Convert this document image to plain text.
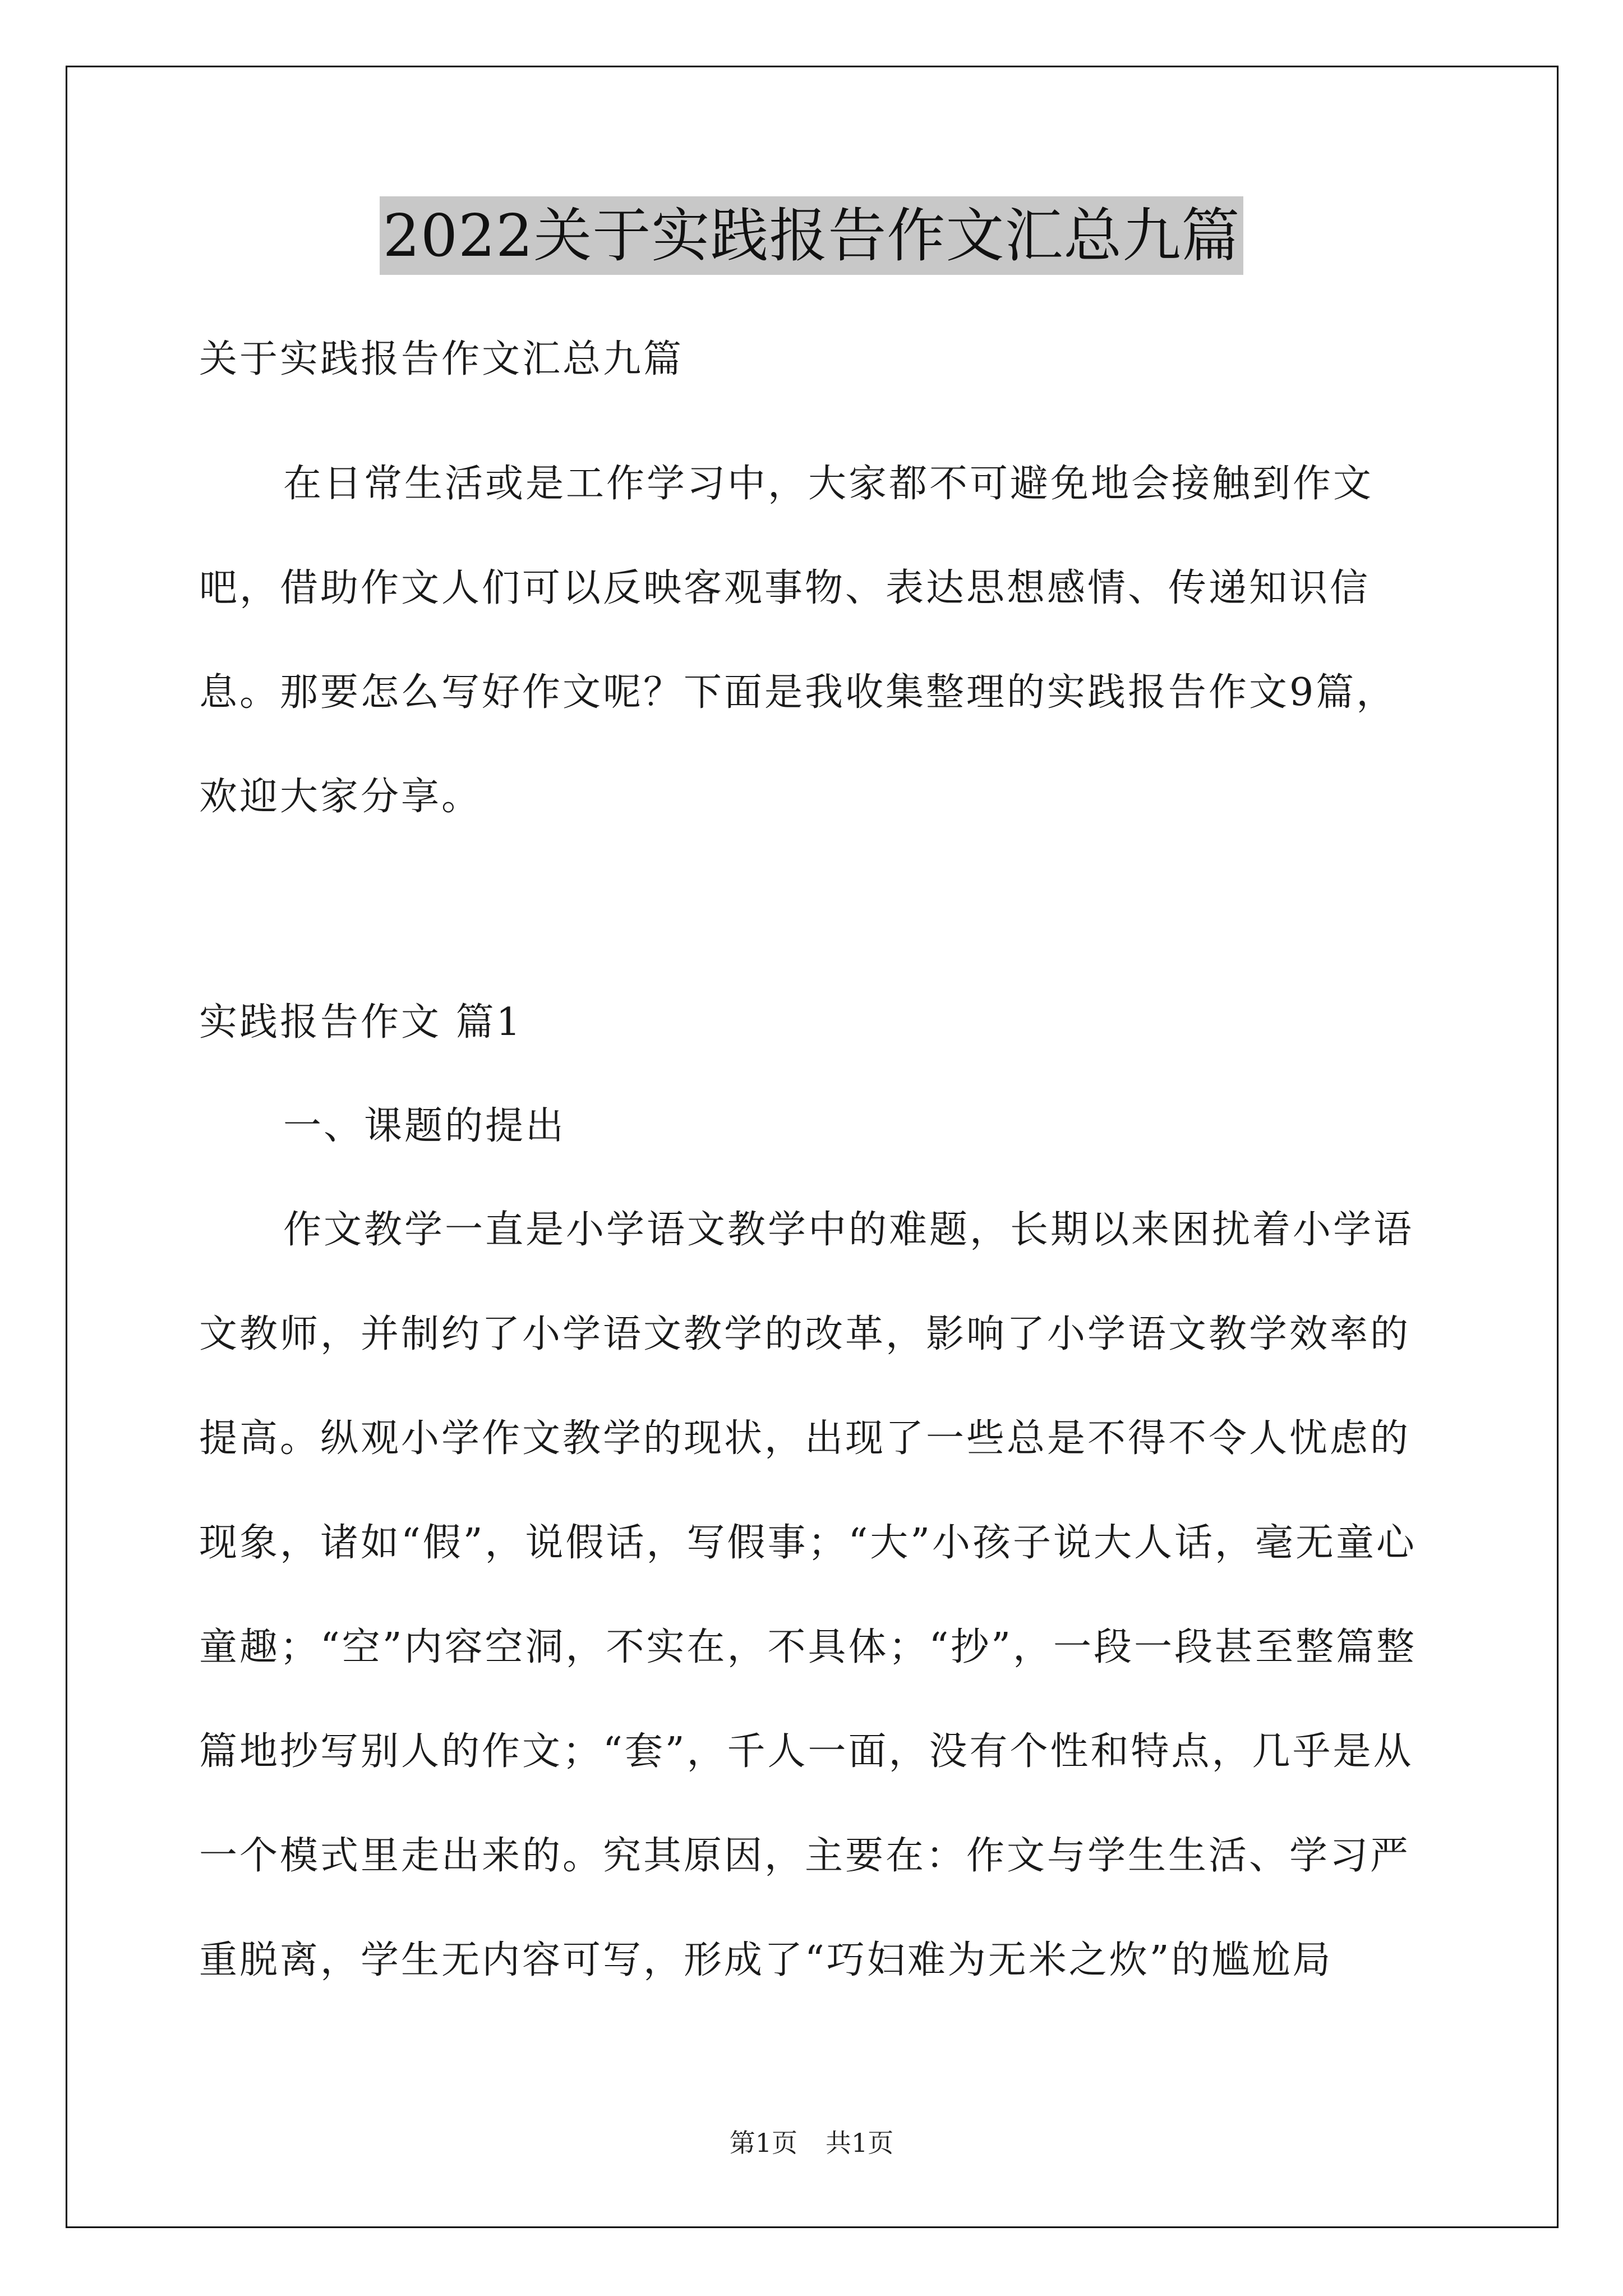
2022关于实践报告作文汇总九篇

关于实践报告作文汇总九篇

在日常生活或是工作学习中，大家都不可避免地会接触到作文吧，借助作文人们可以反映客观事物、表达思想感情、传递知识信息。那要怎么写好作文呢？下面是我收集整理的实践报告作文9篇，欢迎大家分享。

实践报告作文 篇1

一、课题的提出

作文教学一直是小学语文教学中的难题，长期以来困扰着小学语文教师，并制约了小学语文教学的改革，影响了小学语文教学效率的提高。纵观小学作文教学的现状，出现了一些总是不得不令人忧虑的现象，诸如“假”，说假话，写假事；“大”小孩子说大人话，毫无童心童趣；“空”内容空洞，不实在，不具体；“抄”，一段一段甚至整篇整篇地抄写别人的作文；“套”，千人一面，没有个性和特点，几乎是从一个模式里走出来的。究其原因，主要在：作文与学生生活、学习严重脱离，学生无内容可写，形成了“巧妇难为无米之炊”的尴尬局

第1页 共1页
